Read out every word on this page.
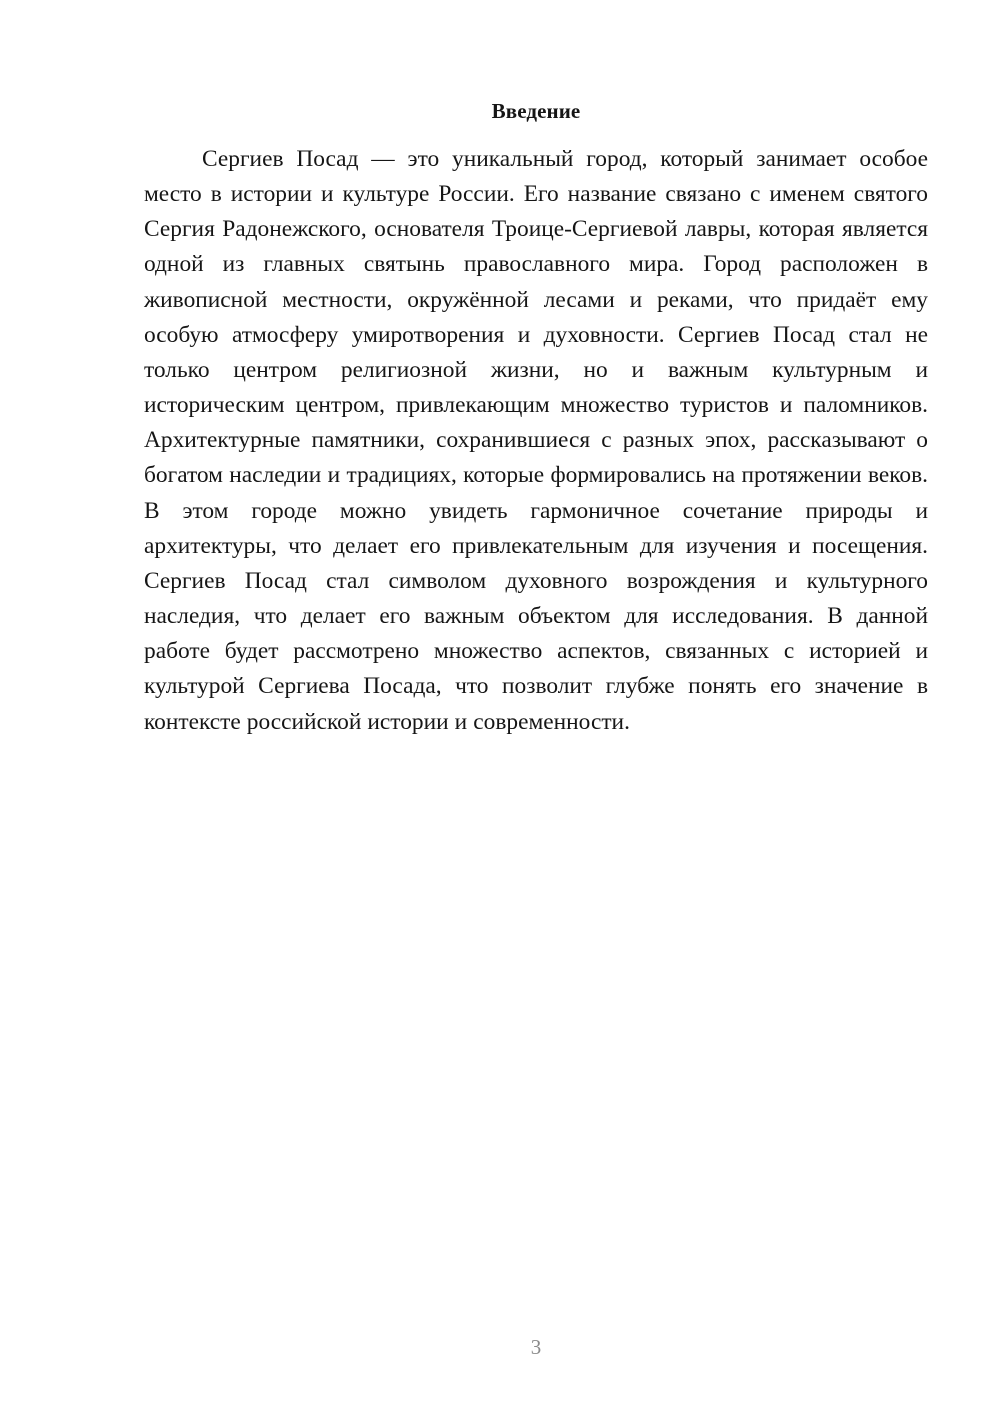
Введение

Сергиев Посад — это уникальный город, который занимает особое место в истории и культуре России. Его название связано с именем святого Сергия Радонежского, основателя Троице-Сергиевой лавры, которая является одной из главных святынь православного мира. Город расположен в живописной местности, окружённой лесами и реками, что придаёт ему особую атмосферу умиротворения и духовности. Сергиев Посад стал не только центром религиозной жизни, но и важным культурным и историческим центром, привлекающим множество туристов и паломников. Архитектурные памятники, сохранившиеся с разных эпох, рассказывают о богатом наследии и традициях, которые формировались на протяжении веков. В этом городе можно увидеть гармоничное сочетание природы и архитектуры, что делает его привлекательным для изучения и посещения. Сергиев Посад стал символом духовного возрождения и культурного наследия, что делает его важным объектом для исследования. В данной работе будет рассмотрено множество аспектов, связанных с историей и культурой Сергиева Посада, что позволит глубже понять его значение в контексте российской истории и современности.

3
